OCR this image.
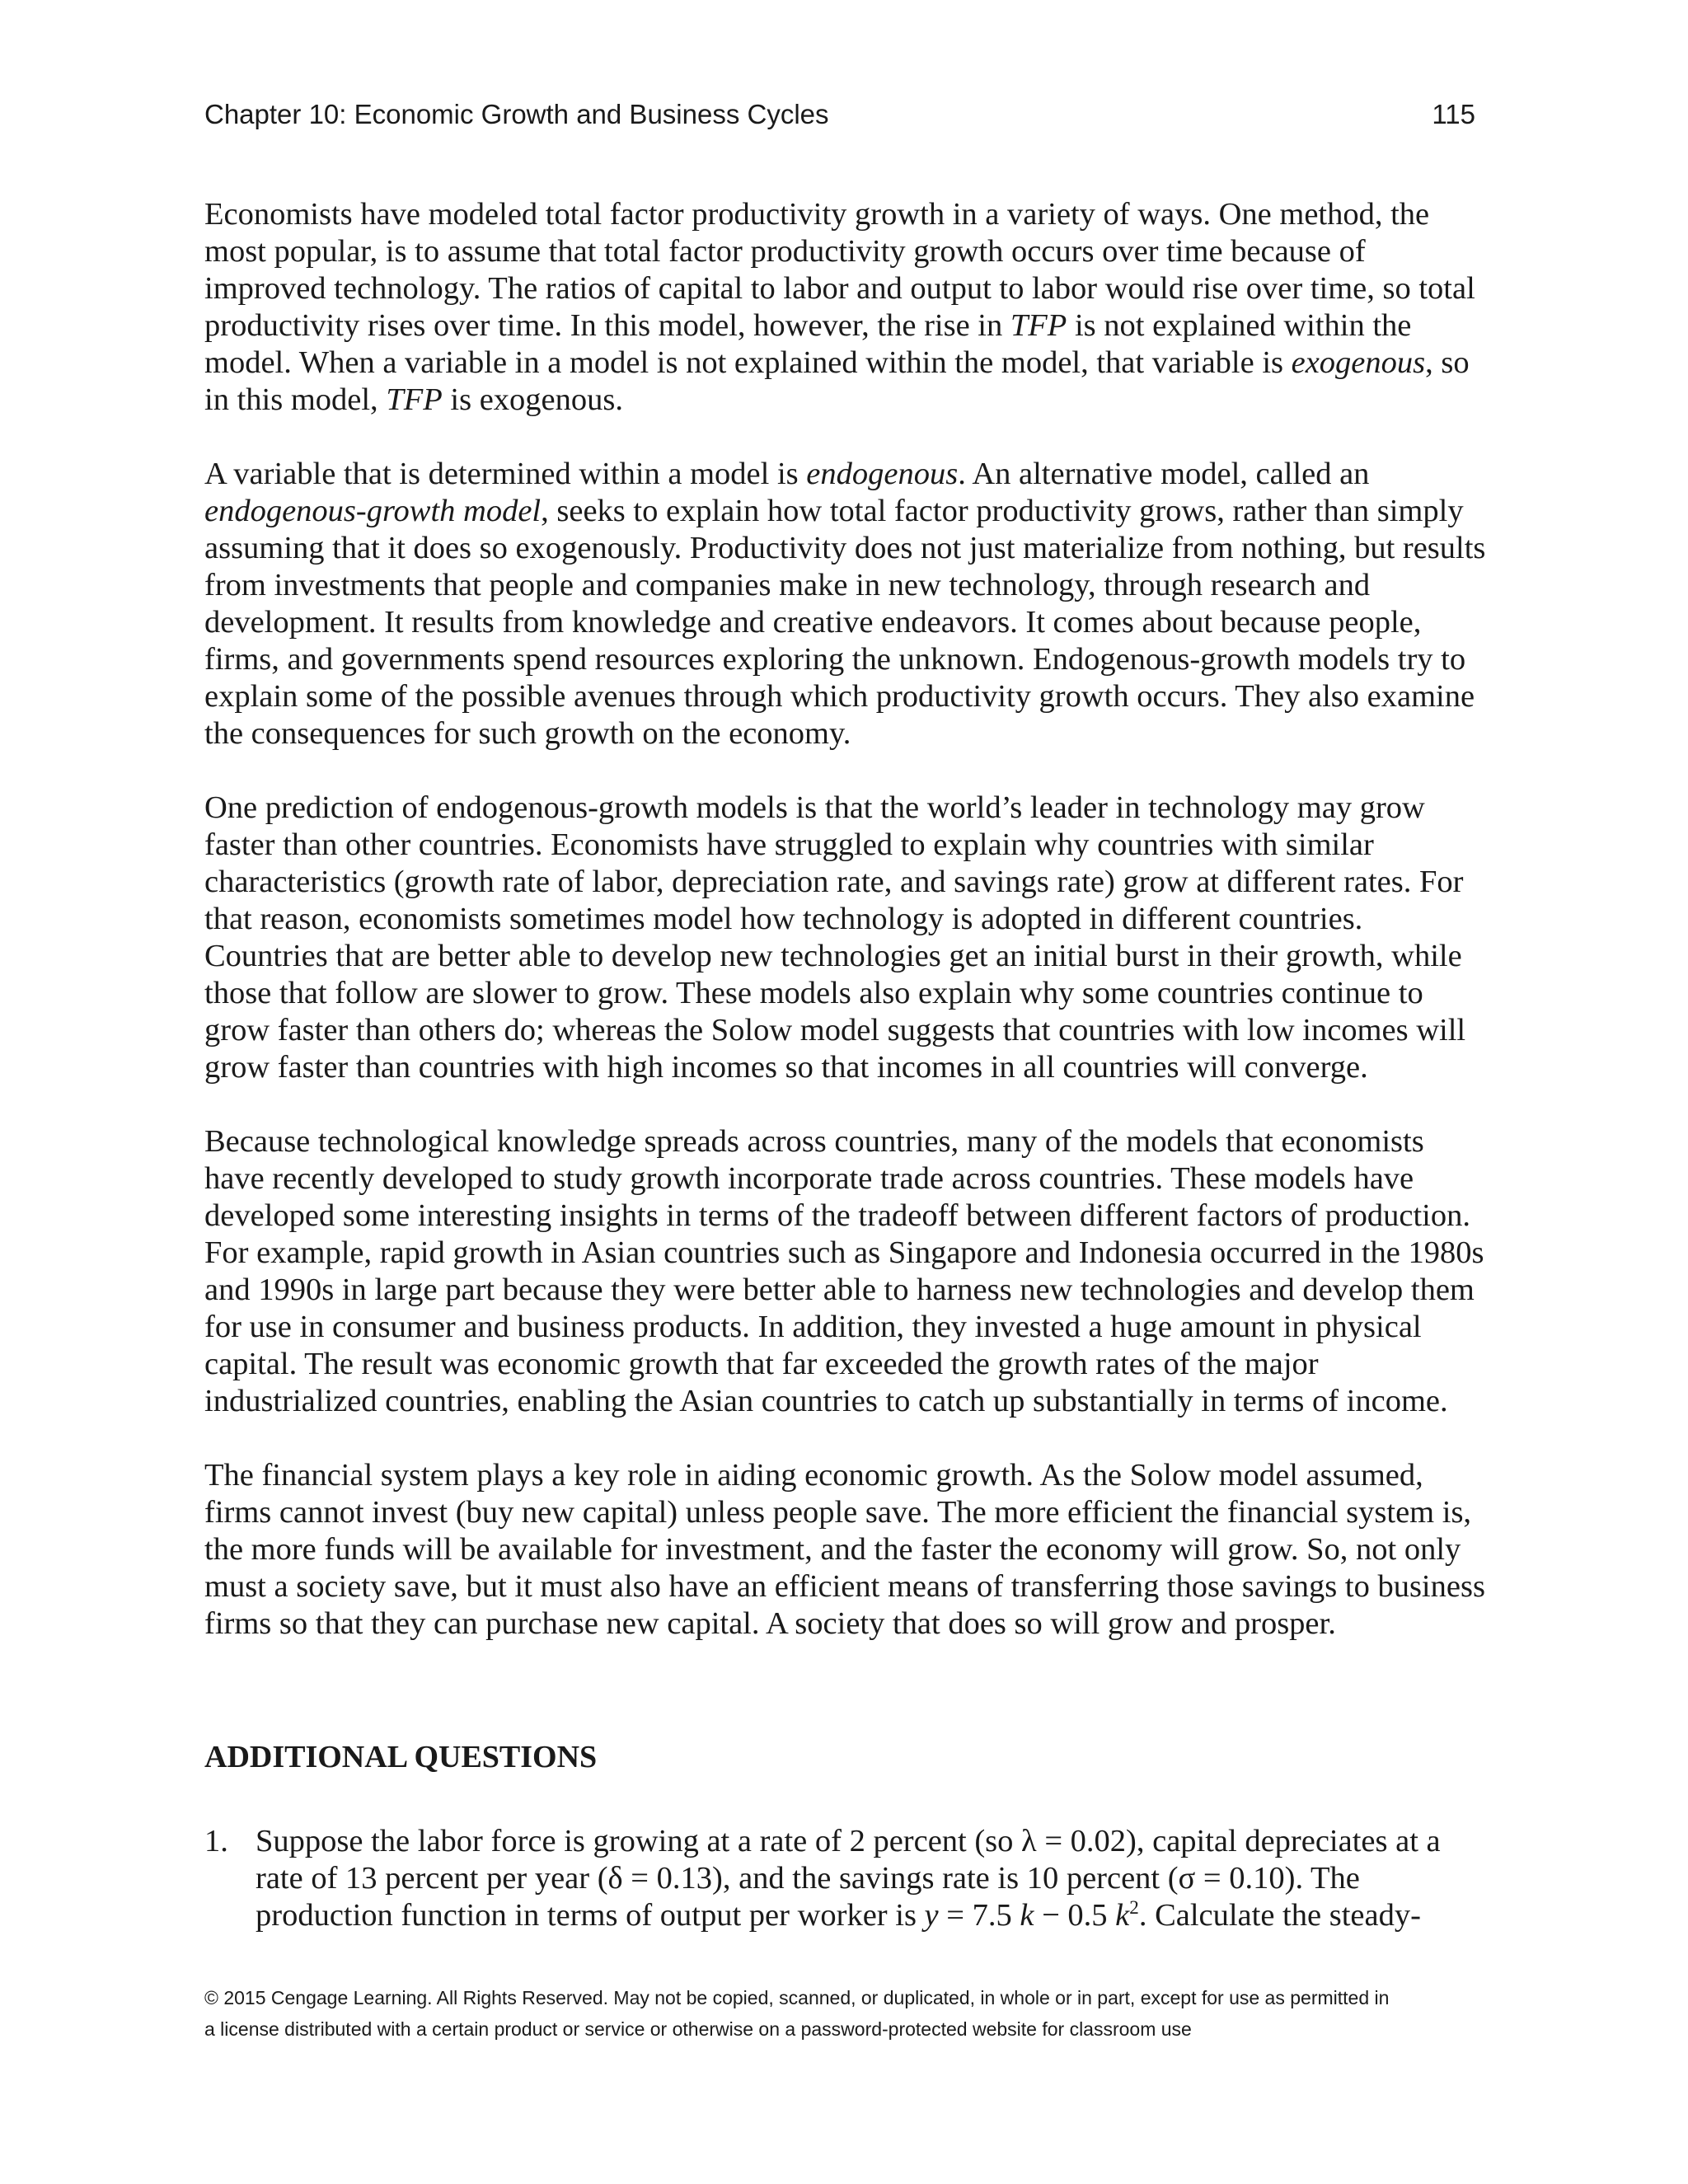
Chapter 10: Economic Growth and Business Cycles	115

Economists have modeled total factor productivity growth in a variety of ways. One method, the most popular, is to assume that total factor productivity growth occurs over time because of improved technology. The ratios of capital to labor and output to labor would rise over time, so total productivity rises over time. In this model, however, the rise in TFP is not explained within the model. When a variable in a model is not explained within the model, that variable is exogenous, so in this model, TFP is exogenous.

A variable that is determined within a model is endogenous. An alternative model, called an endogenous-growth model, seeks to explain how total factor productivity grows, rather than simply assuming that it does so exogenously. Productivity does not just materialize from nothing, but results from investments that people and companies make in new technology, through research and development. It results from knowledge and creative endeavors. It comes about because people, firms, and governments spend resources exploring the unknown. Endogenous-growth models try to explain some of the possible avenues through which productivity growth occurs. They also examine the consequences for such growth on the economy.

One prediction of endogenous-growth models is that the world’s leader in technology may grow faster than other countries. Economists have struggled to explain why countries with similar characteristics (growth rate of labor, depreciation rate, and savings rate) grow at different rates. For that reason, economists sometimes model how technology is adopted in different countries. Countries that are better able to develop new technologies get an initial burst in their growth, while those that follow are slower to grow. These models also explain why some countries continue to grow faster than others do; whereas the Solow model suggests that countries with low incomes will grow faster than countries with high incomes so that incomes in all countries will converge.

Because technological knowledge spreads across countries, many of the models that economists have recently developed to study growth incorporate trade across countries. These models have developed some interesting insights in terms of the tradeoff between different factors of production. For example, rapid growth in Asian countries such as Singapore and Indonesia occurred in the 1980s and 1990s in large part because they were better able to harness new technologies and develop them for use in consumer and business products. In addition, they invested a huge amount in physical capital. The result was economic growth that far exceeded the growth rates of the major industrialized countries, enabling the Asian countries to catch up substantially in terms of income.

The financial system plays a key role in aiding economic growth. As the Solow model assumed, firms cannot invest (buy new capital) unless people save. The more efficient the financial system is, the more funds will be available for investment, and the faster the economy will grow. So, not only must a society save, but it must also have an efficient means of transferring those savings to business firms so that they can purchase new capital. A society that does so will grow and prosper.

ADDITIONAL QUESTIONS
1. Suppose the labor force is growing at a rate of 2 percent (so λ = 0.02), capital depreciates at a rate of 13 percent per year (δ = 0.13), and the savings rate is 10 percent (σ = 0.10). The production function in terms of output per worker is y = 7.5 k − 0.5 $k^2$. Calculate the steady-
© 2015 Cengage Learning. All Rights Reserved. May not be copied, scanned, or duplicated, in whole or in part, except for use as permitted in
a license distributed with a certain product or service or otherwise on a password-protected website for classroom use
